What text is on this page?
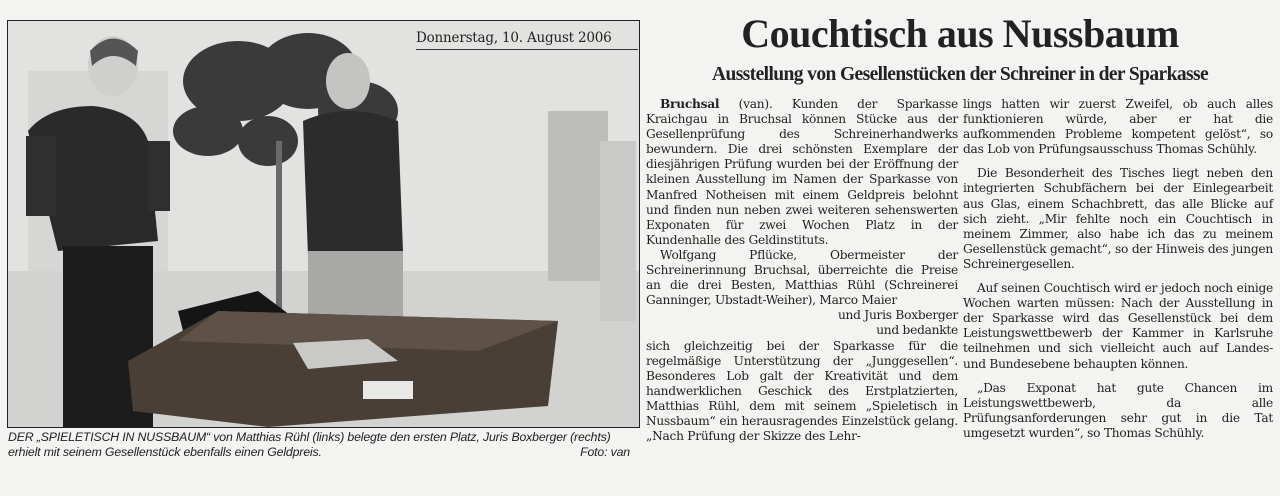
Donnerstag, 10. August 2006
DER „SPIELETISCH IN NUSSBAUM“ von Matthias Rühl (links) belegte den ersten Platz, Juris Boxberger (rechts) erhielt mit seinem Gesellenstück ebenfalls einen Geldpreis.	Foto: van
Couchtisch aus Nussbaum
Ausstellung von Gesellenstücken der Schreiner in der Sparkasse

Bruchsal (van). Kunden der Sparkasse Kraichgau in Bruchsal können Stücke aus der Gesellenprüfung des Schreinerhandwerks bewundern. Die drei schönsten Exemplare der diesjährigen Prüfung wurden bei der Eröffnung der kleinen Ausstellung im Namen der Sparkasse von Manfred Notheisen mit einem Geldpreis belohnt und finden nun neben zwei weiteren sehenswerten Exponaten für zwei Wochen Platz in der Kundenhalle des Geldinstituts.

Wolfgang Pflücke, Obermeister der Schreinerinnung Bruchsal, überreichte die Preise an die drei Besten, Matthias Rühl (Schreinerei Ganninger, Ubstadt-Weiher), Marco Maier

und Juris Boxberger

und bedankte

sich gleichzeitig bei der Sparkasse für die regelmäßige Unterstützung der „Junggesellen“. Besonderes Lob galt der Kreativität und dem handwerklichen Geschick des Erstplatzierten, Matthias Rühl, dem mit seinem „Spieletisch in Nussbaum“ ein herausragendes Einzelstück gelang. „Nach Prüfung der Skizze des Lehr-

lings hatten wir zuerst Zweifel, ob auch alles funktionieren würde, aber er hat die aufkommenden Probleme kompetent gelöst“, so das Lob von Prüfungsausschuss Thomas Schühly.

Die Besonderheit des Tisches liegt neben den integrierten Schubfächern bei der Einlegearbeit aus Glas, einem Schachbrett, das alle Blicke auf sich zieht. „Mir fehlte noch ein Couchtisch in meinem Zimmer, also habe ich das zu meinem Gesellenstück gemacht“, so der Hinweis des jungen Schreinergesellen.

Auf seinen Couchtisch wird er jedoch noch einige Wochen warten müssen: Nach der Ausstellung in der Sparkasse wird das Gesellenstück bei dem Leistungswettbewerb der Kammer in Karlsruhe teilnehmen und sich vielleicht auch auf Landes- und Bundesebene behaupten können.

„Das Exponat hat gute Chancen im Leistungswettbewerb, da alle Prüfungsanforderungen sehr gut in die Tat umgesetzt wurden“, so Thomas Schühly.
